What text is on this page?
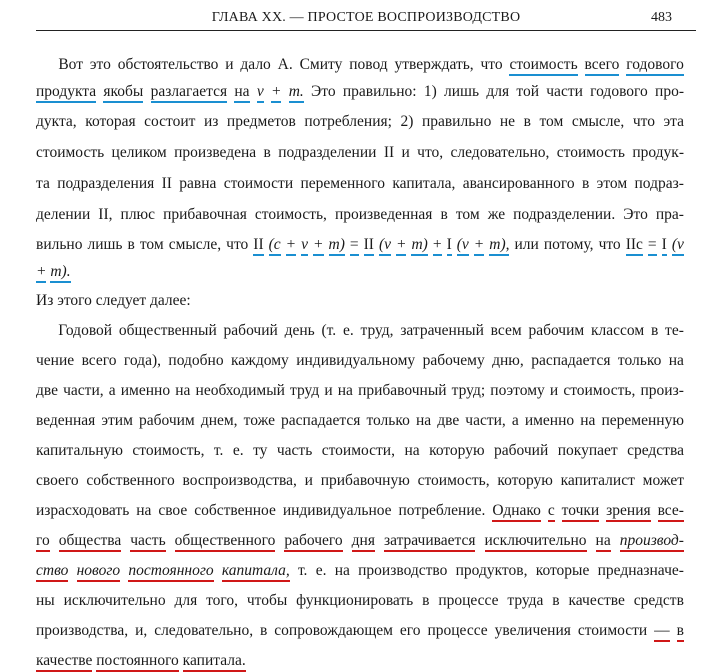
ГЛАВА XX. — ПРОСТОЕ ВОСПРОИЗВОДСТВО	483

Вот это обстоятельство и дало А. Смиту повод утверждать, что стоимость всего годового
продукта якобы разлагается на v + m. Это правильно: 1) лишь для той части годового про-
дукта, которая состоит из предметов потребления; 2) правильно не в том смысле, что эта
стоимость целиком произведена в подразделении II и что, следовательно, стоимость продук-
та подразделения II равна стоимости переменного капитала, авансированного в этом подраз-
делении II, плюс прибавочная стоимость, произведенная в том же подразделении. Это пра-
вильно лишь в том смысле, что II (c + v + m) = II (v + m) + I (v + m), или потому, что IIc = I (v
+ m).
Из этого следует далее:

Годовой общественный рабочий день (т. е. труд, затраченный всем рабочим классом в те-
чение всего года), подобно каждому индивидуальному рабочему дню, распадается только на
две части, а именно на необходимый труд и на прибавочный труд; поэтому и стоимость, произ-
веденная этим рабочим днем, тоже распадается только на две части, а именно на переменную
капитальную стоимость, т. е. ту часть стоимости, на которую рабочий покупает средства
своего собственного воспроизводства, и прибавочную стоимость, которую капиталист может
израсходовать на свое собственное индивидуальное потребление. Однако с точки зрения все-
го общества часть общественного рабочего дня затрачивается исключительно на производ-
ство нового постоянного капитала, т. е. на производство продуктов, которые предназначе-
ны исключительно для того, чтобы функционировать в процессе труда в качестве средств
производства, и, следовательно, в сопровождающем его процессе увеличения стоимости — в
качестве постоянного капитала.
